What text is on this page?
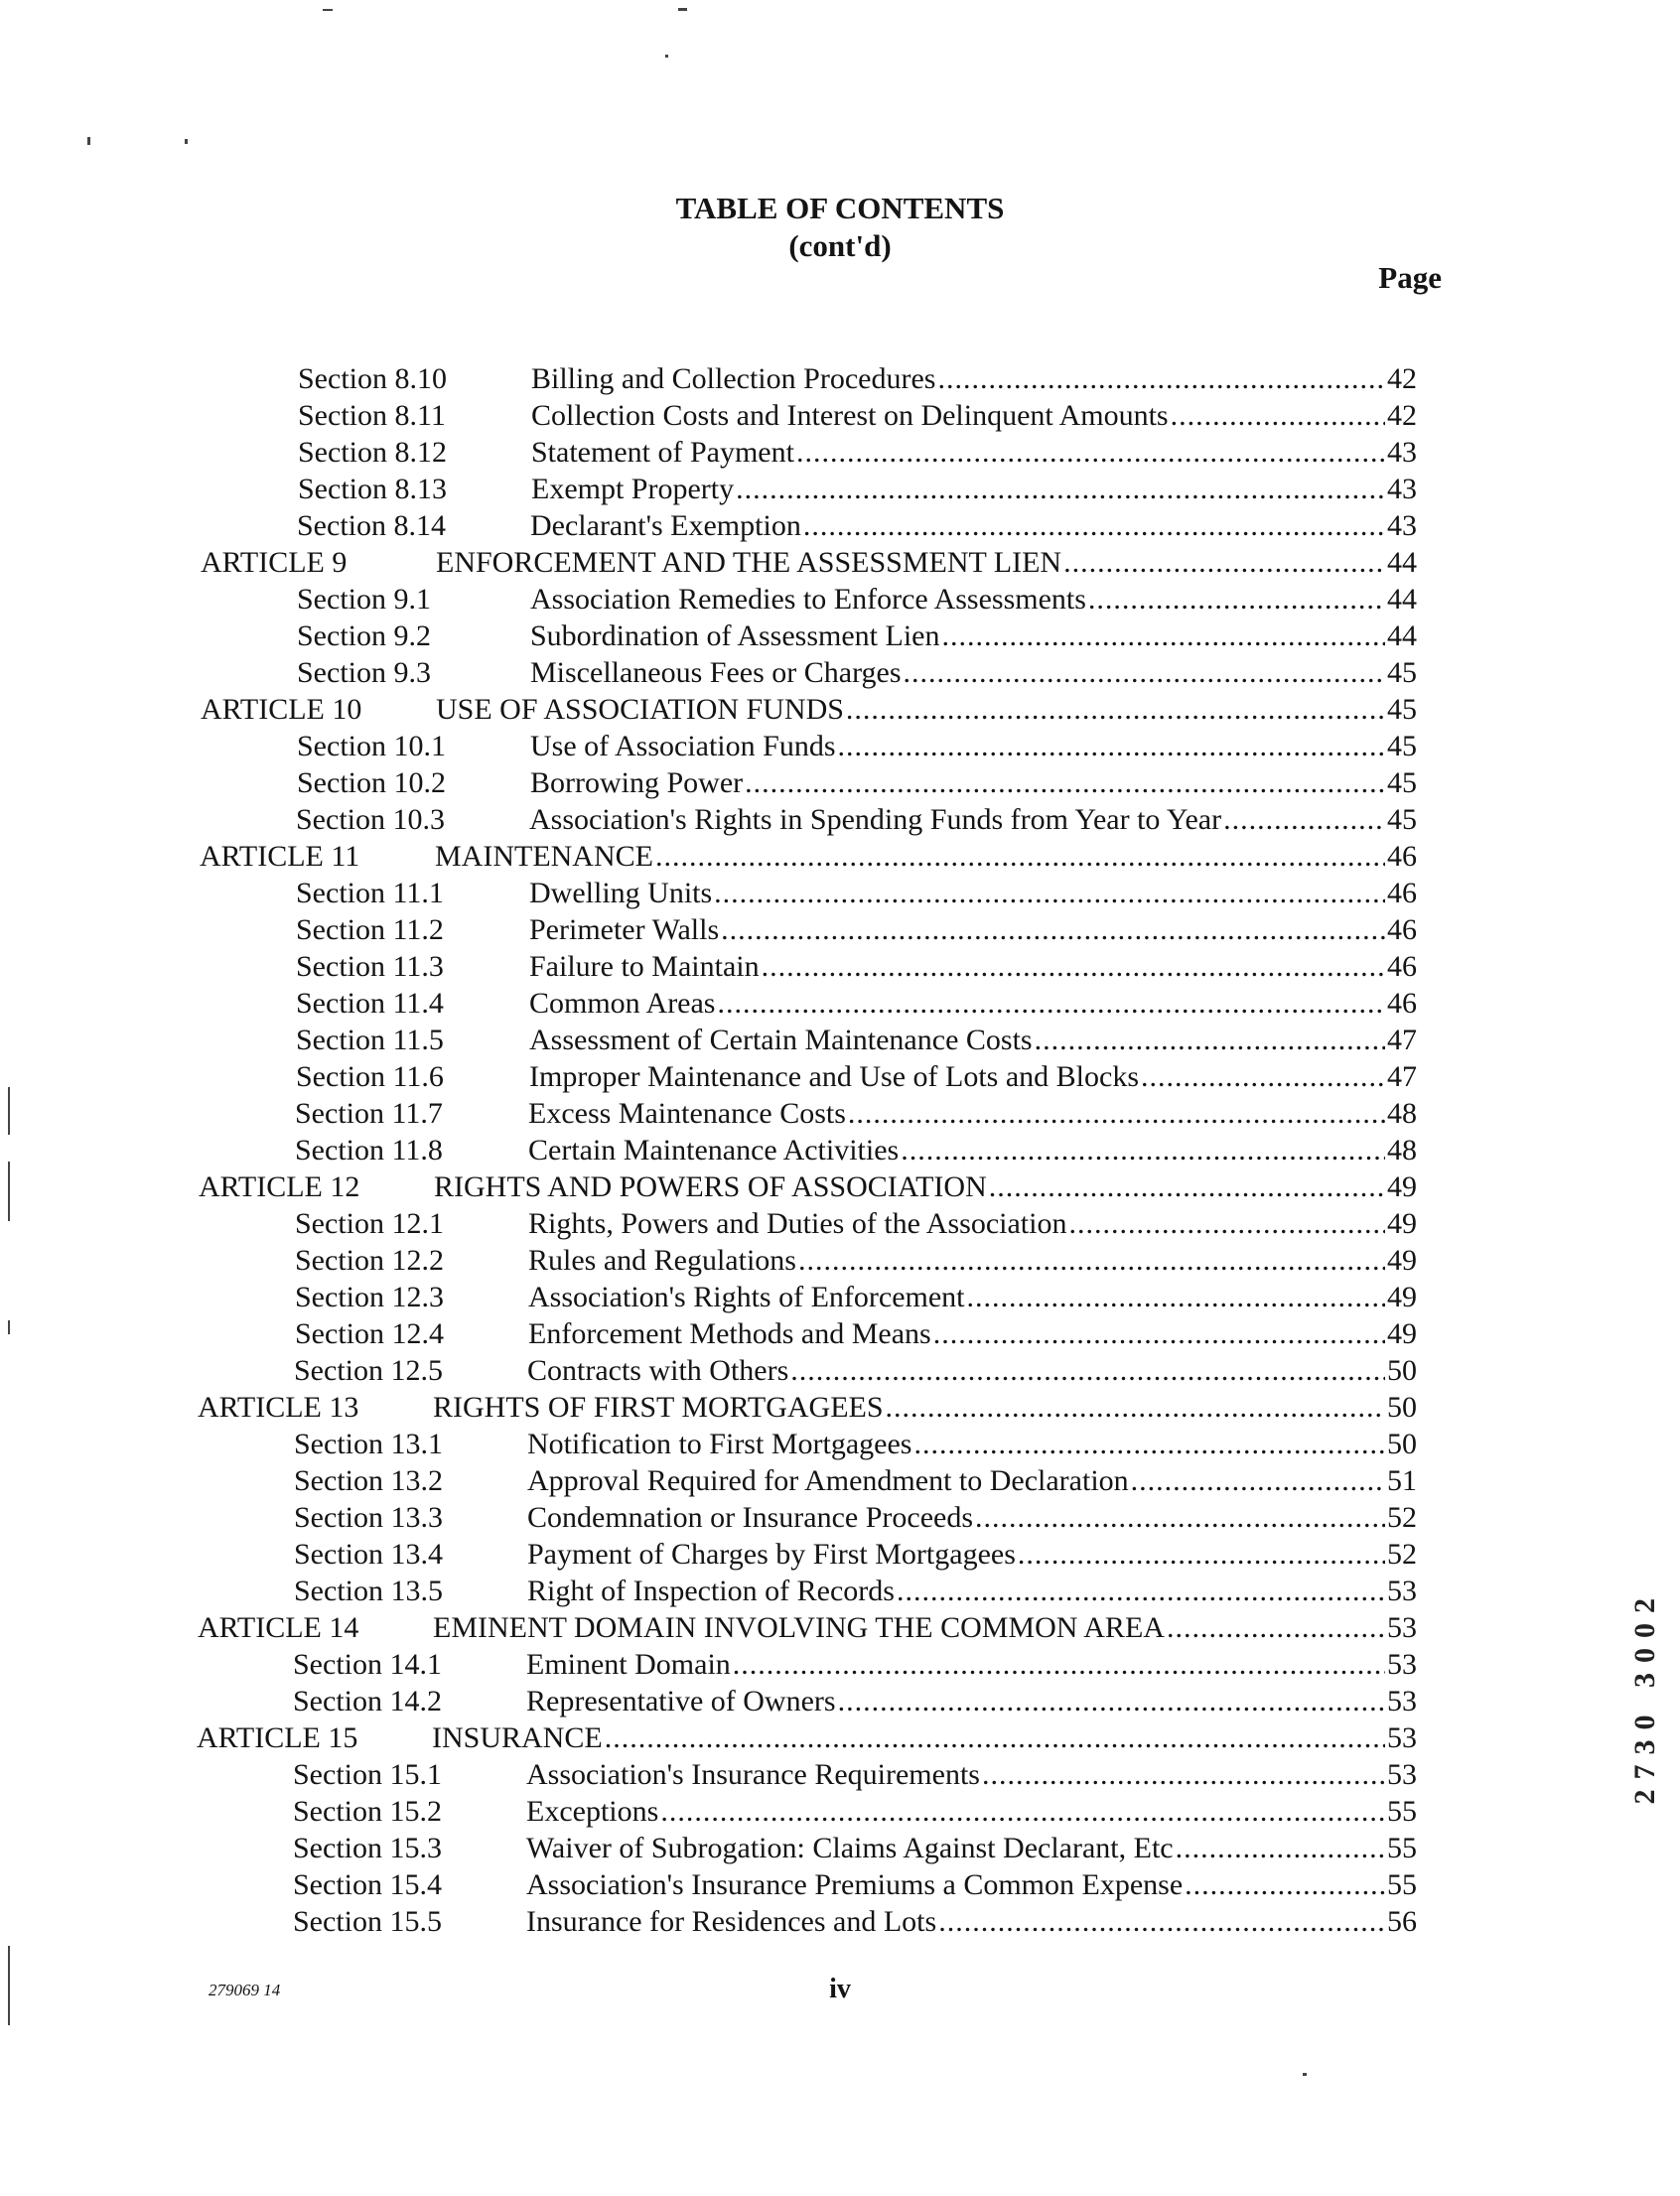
TABLE OF CONTENTS
(cont'd)
Page
Section 8.10	Billing and Collection Procedures .....	42
Section 8.11	Collection Costs and Interest on Delinquent Amounts .....	42
Section 8.12	Statement of Payment .....	43
Section 8.13	Exempt Property .....	43
Section 8.14	Declarant's Exemption .....	43
ARTICLE 9	ENFORCEMENT AND THE ASSESSMENT LIEN .....	44
Section 9.1	Association Remedies to Enforce Assessments .....	44
Section 9.2	Subordination of Assessment Lien .....	44
Section 9.3	Miscellaneous Fees or Charges .....	45
ARTICLE 10 USE OF ASSOCIATION FUNDS .....	45
Section 10.1	Use of Association Funds .....	45
Section 10.2	Borrowing Power .....	45
Section 10.3	Association's Rights in Spending Funds from Year to Year .....	45
ARTICLE 11	MAINTENANCE .....	46
Section 11.1	Dwelling Units .....	46
Section 11.2	Perimeter Walls .....	46
Section 11.3	Failure to Maintain .....	46
Section 11.4	Common Areas .....	46
Section 11.5	Assessment of Certain Maintenance Costs .....	47
Section 11.6	Improper Maintenance and Use of Lots and Blocks .....	47
Section 11.7	Excess Maintenance Costs .....	48
Section 11.8	Certain Maintenance Activities .....	48
ARTICLE 12 RIGHTS AND POWERS OF ASSOCIATION .....	49
Section 12.1	Rights, Powers and Duties of the Association .....	49
Section 12.2	Rules and Regulations .....	49
Section 12.3	Association's Rights of Enforcement .....	49
Section 12.4	Enforcement Methods and Means .....	49
Section 12.5	Contracts with Others .....	50
ARTICLE 13 RIGHTS OF FIRST MORTGAGEES .....	50
Section 13.1	Notification to First Mortgagees .....	50
Section 13.2	Approval Required for Amendment to Declaration .....	51
Section 13.3	Condemnation or Insurance Proceeds .....	52
Section 13.4	Payment of Charges by First Mortgagees .....	52
Section 13.5	Right of Inspection of Records .....	53
ARTICLE 14 EMINENT DOMAIN INVOLVING THE COMMON AREA .....	53
Section 14.1	Eminent Domain .....	53
Section 14.2	Representative of Owners .....	53
ARTICLE 15 INSURANCE .....	53
Section 15.1	Association's Insurance Requirements .....	53
Section 15.2	Exceptions .....	55
Section 15.3	Waiver of Subrogation: Claims Against Declarant, Etc .....	55
Section 15.4	Association's Insurance Premiums a Common Expense .....	55
Section 15.5	Insurance for Residences and Lots .....	56
279069 14	iv
2730 3002
